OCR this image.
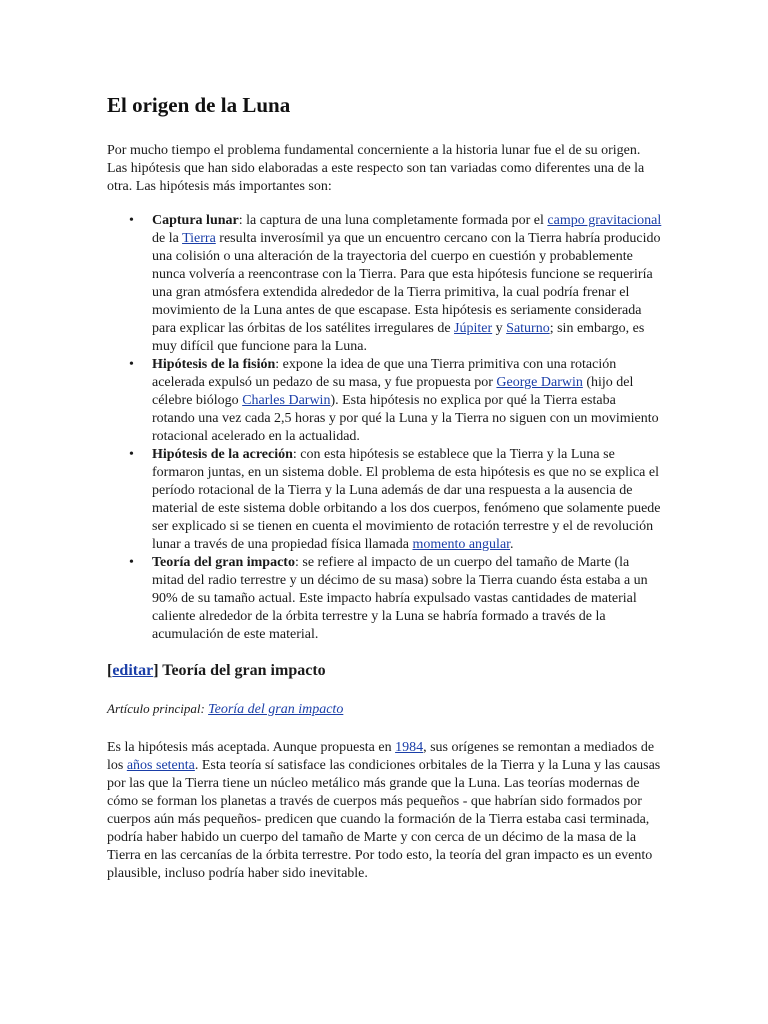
El origen de la Luna

Por mucho tiempo el problema fundamental concerniente a la historia lunar fue el de su origen. Las hipótesis que han sido elaboradas a este respecto son tan variadas como diferentes una de la otra. Las hipótesis más importantes son:

• Captura lunar: la captura de una luna completamente formada por el campo gravitacional de la Tierra resulta inverosímil ya que un encuentro cercano con la Tierra habría producido una colisión o una alteración de la trayectoria del cuerpo en cuestión y probablemente nunca volvería a reencontrase con la Tierra. Para que esta hipótesis funcione se requeriría una gran atmósfera extendida alrededor de la Tierra primitiva, la cual podría frenar el movimiento de la Luna antes de que escapase. Esta hipótesis es seriamente considerada para explicar las órbitas de los satélites irregulares de Júpiter y Saturno; sin embargo, es muy difícil que funcione para la Luna.
• Hipótesis de la fisión: expone la idea de que una Tierra primitiva con una rotación acelerada expulsó un pedazo de su masa, y fue propuesta por George Darwin (hijo del célebre biólogo Charles Darwin). Esta hipótesis no explica por qué la Tierra estaba rotando una vez cada 2,5 horas y por qué la Luna y la Tierra no siguen con un movimiento rotacional acelerado en la actualidad.
• Hipótesis de la acreción: con esta hipótesis se establece que la Tierra y la Luna se formaron juntas, en un sistema doble. El problema de esta hipótesis es que no se explica el período rotacional de la Tierra y la Luna además de dar una respuesta a la ausencia de material de este sistema doble orbitando a los dos cuerpos, fenómeno que solamente puede ser explicado si se tienen en cuenta el movimiento de rotación terrestre y el de revolución lunar a través de una propiedad física llamada momento angular.
• Teoría del gran impacto: se refiere al impacto de un cuerpo del tamaño de Marte (la mitad del radio terrestre y un décimo de su masa) sobre la Tierra cuando ésta estaba a un 90% de su tamaño actual. Este impacto habría expulsado vastas cantidades de material caliente alrededor de la órbita terrestre y la Luna se habría formado a través de la acumulación de este material.
[editar] Teoría del gran impacto

Artículo principal: Teoría del gran impacto

Es la hipótesis más aceptada. Aunque propuesta en 1984, sus orígenes se remontan a mediados de los años setenta. Esta teoría sí satisface las condiciones orbitales de la Tierra y la Luna y las causas por las que la Tierra tiene un núcleo metálico más grande que la Luna. Las teorías modernas de cómo se forman los planetas a través de cuerpos más pequeños - que habrían sido formados por cuerpos aún más pequeños- predicen que cuando la formación de la Tierra estaba casi terminada, podría haber habido un cuerpo del tamaño de Marte y con cerca de un décimo de la masa de la Tierra en las cercanías de la órbita terrestre. Por todo esto, la teoría del gran impacto es un evento plausible, incluso podría haber sido inevitable.
